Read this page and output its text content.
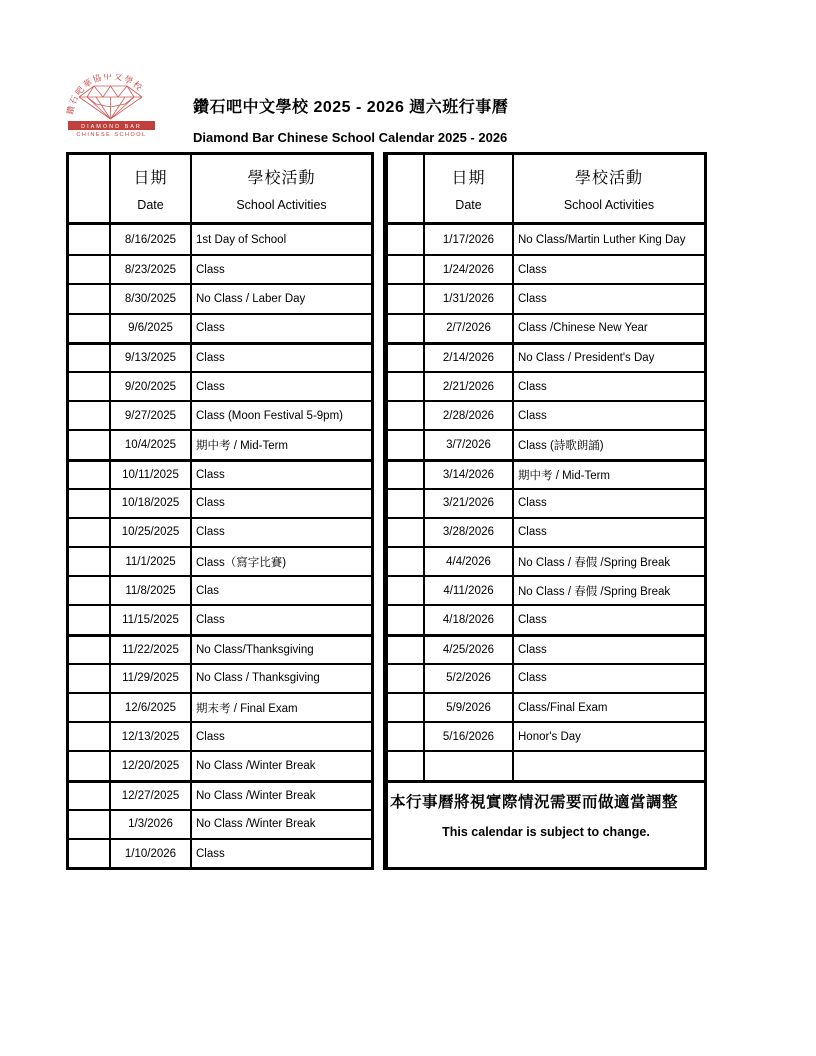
鑽石吧華協中文學校
DIAMOND BAR
CHINESE SCHOOL
鑽石吧中文學校 2025 - 2026 週六班行事曆
Diamond Bar Chinese School Calendar 2025 - 2026
日期
Date
學校活動
School Activities
8/16/2025	1st Day of School
8/23/2025	Class
8/30/2025	No Class / Laber Day
9/6/2025	Class
9/13/2025	Class
9/20/2025	Class
9/27/2025	Class (Moon Festival 5-9pm)
10/4/2025	期中考 / Mid-Term
10/11/2025	Class
10/18/2025	Class
10/25/2025	Class
11/1/2025	Class（寫字比賽)
11/8/2025	Clas
11/15/2025	Class
11/22/2025	No Class/Thanksgiving
11/29/2025	No Class / Thanksgiving
12/6/2025	期末考 / Final Exam
12/13/2025	Class
12/20/2025	No Class /Winter Break
12/27/2025	No Class /Winter Break
1/3/2026	No Class /Winter Break
1/10/2026	Class
日期
Date
學校活動
School Activities
1/17/2026	No Class/Martin Luther King Day
1/24/2026	Class
1/31/2026	Class
2/7/2026	Class /Chinese New Year
2/14/2026	No Class / President's Day
2/21/2026	Class
2/28/2026	Class
3/7/2026	Class (詩歌朗誦)
3/14/2026	期中考 / Mid-Term
3/21/2026	Class
3/28/2026	Class
4/4/2026	No Class / 春假 /Spring Break
4/11/2026	No Class / 春假 /Spring Break
4/18/2026	Class
4/25/2026	Class
5/2/2026	Class
5/9/2026	Class/Final Exam
5/16/2026	Honor's Day
本行事曆將視實際情況需要而做適當調整
This calendar is subject to change.
